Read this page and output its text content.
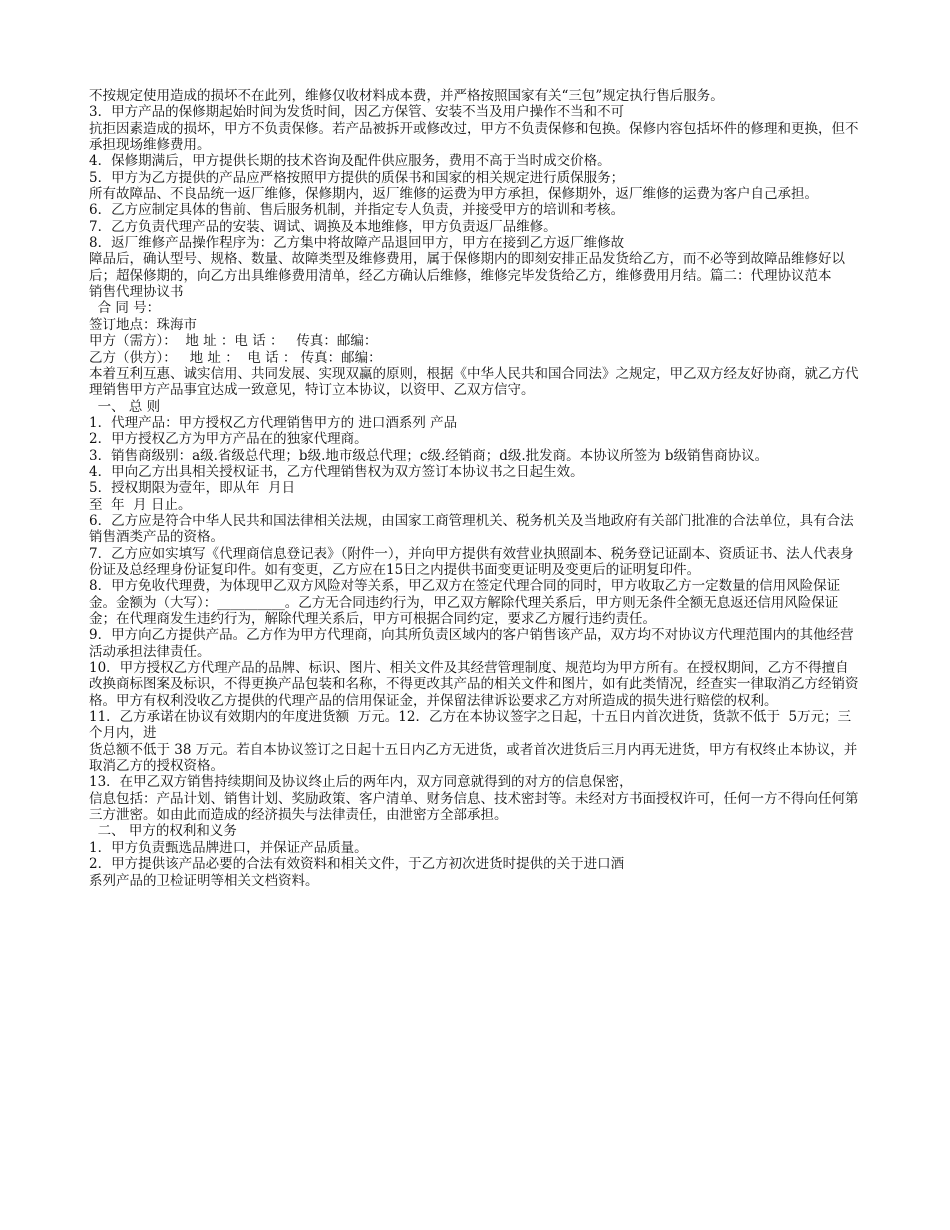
不按规定使用造成的损坏不在此列，维修仅收材料成本费，并严格按照国家有关“三包”规定执行售后服务。

3．甲方产品的保修期起始时间为发货时间，因乙方保管、安装不当及用户操作不当和不可

抗拒因素造成的损坏，甲方不负责保修。若产品被拆开或修改过，甲方不负责保修和包换。保修内容包括坏件的修理和更换，但不承担现场维修费用。

4．保修期满后，甲方提供长期的技术咨询及配件供应服务，费用不高于当时成交价格。

5．甲方为乙方提供的产品应严格按照甲方提供的质保书和国家的相关规定进行质保服务；

所有故障品、不良品统一返厂维修，保修期内，返厂维修的运费为甲方承担，保修期外，返厂维修的运费为客户自己承担。

6．乙方应制定具体的售前、售后服务机制，并指定专人负责，并接受甲方的培训和考核。

7．乙方负责代理产品的安装、调试、调换及本地维修，甲方负责返厂品维修。

8．返厂维修产品操作程序为：乙方集中将故障产品退回甲方，甲方在接到乙方返厂维修故

障品后，确认型号、规格、数量、故障类型及维修费用，属于保修期内的即刻安排正品发货给乙方，而不必等到故障品维修好以后；超保修期的，向乙方出具维修费用清单，经乙方确认后维修，维修完毕发货给乙方，维修费用月结。篇二：代理协议范本

销售代理协议书

合 同 号：

签订地点：珠海市

甲方（需方）：  地 址 ：电 话 ：   传真：邮编：

乙方（供方）：   地 址 ：  电 话 ： 传真：邮编：

本着互利互惠、诚实信用、共同发展、实现双赢的原则，根据《中华人民共和国合同法》之规定，甲乙双方经友好协商，就乙方代理销售甲方产品事宜达成一致意见，特订立本协议，以资甲、乙双方信守。

一、 总 则

1．代理产品：甲方授权乙方代理销售甲方的 进口酒系列 产品

2．甲方授权乙方为甲方产品在的独家代理商。

3．销售商级别：a级.省级总代理；b级.地市级总代理；c级.经销商；d级.批发商。本协议所签为 b级销售商协议。

4．甲向乙方出具相关授权证书，乙方代理销售权为双方签订本协议书之日起生效。

5．授权期限为壹年，即从年  月日

至  年  月 日止。

6．乙方应是符合中华人民共和国法律相关法规，由国家工商管理机关、税务机关及当地政府有关部门批准的合法单位，具有合法销售酒类产品的资格。

7．乙方应如实填写《代理商信息登记表》（附件一），并向甲方提供有效营业执照副本、税务登记证副本、资质证书、法人代表身份证及总经理身份证复印件。如有变更，乙方应在15日之内提供书面变更证明及变更后的证明复印件。

8．甲方免收代理费，为体现甲乙双方风险对等关系，甲乙双方在签定代理合同的同时，甲方收取乙方一定数量的信用风险保证金。金额为（大写）：__________。乙方无合同违约行为，甲乙双方解除代理关系后，甲方则无条件全额无息返还信用风险保证金；在代理商发生违约行为，解除代理关系后，甲方可根据合同约定，要求乙方履行违约责任。

9．甲方向乙方提供产品。乙方作为甲方代理商，向其所负责区域内的客户销售该产品，双方均不对协议方代理范围内的其他经营活动承担法律责任。

10．甲方授权乙方代理产品的品牌、标识、图片、相关文件及其经营管理制度、规范均为甲方所有。在授权期间，乙方不得擅自改换商标图案及标识，不得更换产品包装和名称，不得更改其产品的相关文件和图片，如有此类情况，经查实一律取消乙方经销资格。甲方有权利没收乙方提供的代理产品的信用保证金，并保留法律诉讼要求乙方对所造成的损失进行赔偿的权利。

11．乙方承诺在协议有效期内的年度进货额  万元。12．乙方在本协议签字之日起，十五日内首次进货，货款不低于  5万元；三个月内，进

货总额不低于 38 万元。若自本协议签订之日起十五日内乙方无进货，或者首次进货后三月内再无进货，甲方有权终止本协议，并取消乙方的授权资格。

13．在甲乙双方销售持续期间及协议终止后的两年内，双方同意就得到的对方的信息保密，

信息包括：产品计划、销售计划、奖励政策、客户清单、财务信息、技术密封等。未经对方书面授权许可，任何一方不得向任何第三方泄密。如由此而造成的经济损失与法律责任，由泄密方全部承担。

二、 甲方的权利和义务

1．甲方负责甄选品牌进口，并保证产品质量。

2．甲方提供该产品必要的合法有效资料和相关文件，于乙方初次进货时提供的关于进口酒

系列产品的卫检证明等相关文档资料。
